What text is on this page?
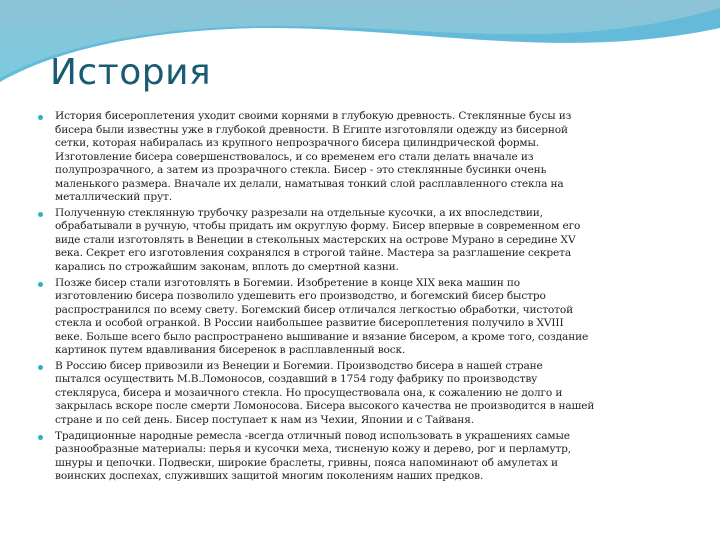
История
История бисероплетения уходит своими корнями в глубокую древность. Стеклянные бусы из
бисера были известны уже в глубокой древности. В Египте изготовляли одежду из бисерной
сетки, которая набиралась из крупного непрозрачного бисера цилиндрической формы.
Изготовление бисера совершенствовалось, и со временем его стали делать вначале из
полупрозрачного, а затем из прозрачного стекла. Бисер - это стеклянные бусинки очень
маленького размера. Вначале их делали, наматывая тонкий слой расплавленного стекла на
металлический прут.
Полученную стеклянную трубочку разрезали на отдельные кусочки, а их впоследствии,
обрабатывали в ручную, чтобы придать им округлую форму. Бисер впервые в современном его
виде стали изготовлять в Венеции в стекольных мастерских на острове Мурано в середине XV
века. Секрет его изготовления сохранялся в строгой тайне. Мастера за разглашение секрета
карались по строжайшим законам, вплоть до смертной казни.
Позже бисер стали изготовлять в Богемии. Изобретение в конце XIX века машин по
изготовлению бисера позволило удешевить его производство, и богемский бисер быстро
распространился по всему свету. Богемский бисер отличался легкостью обработки, чистотой
стекла и особой огранкой. В России наибольшее развитие бисероплетения получило в XVIII
веке. Больше всего было распространено вышивание и вязание бисером, а кроме того, создание
картинок путем вдавливания бисеренок в расплавленный воск.
В Россию бисер привозили из Венеции и Богемии. Производство бисера в нашей стране
пытался осуществить М.В.Ломоносов, создавший в 1754 году фабрику по производству
стекляруса, бисера и мозаичного стекла. Но просуществовала она, к сожалению не долго и
закрылась вскоре после смерти Ломоносова. Бисера высокого качества не производится в нашей
стране и по сей день. Бисер поступает к нам из Чехии, Японии и с Тайваня.
Традиционные народные ремесла -всегда отличный повод использовать в украшениях самые
разнообразные материалы: перья и кусочки меха, тисненую кожу и дерево, рог и перламутр,
шнуры и цепочки. Подвески, широкие браслеты, гривны, пояса напоминают об амулетах и
воинских доспехах, служивших защитой многим поколениям наших предков.
